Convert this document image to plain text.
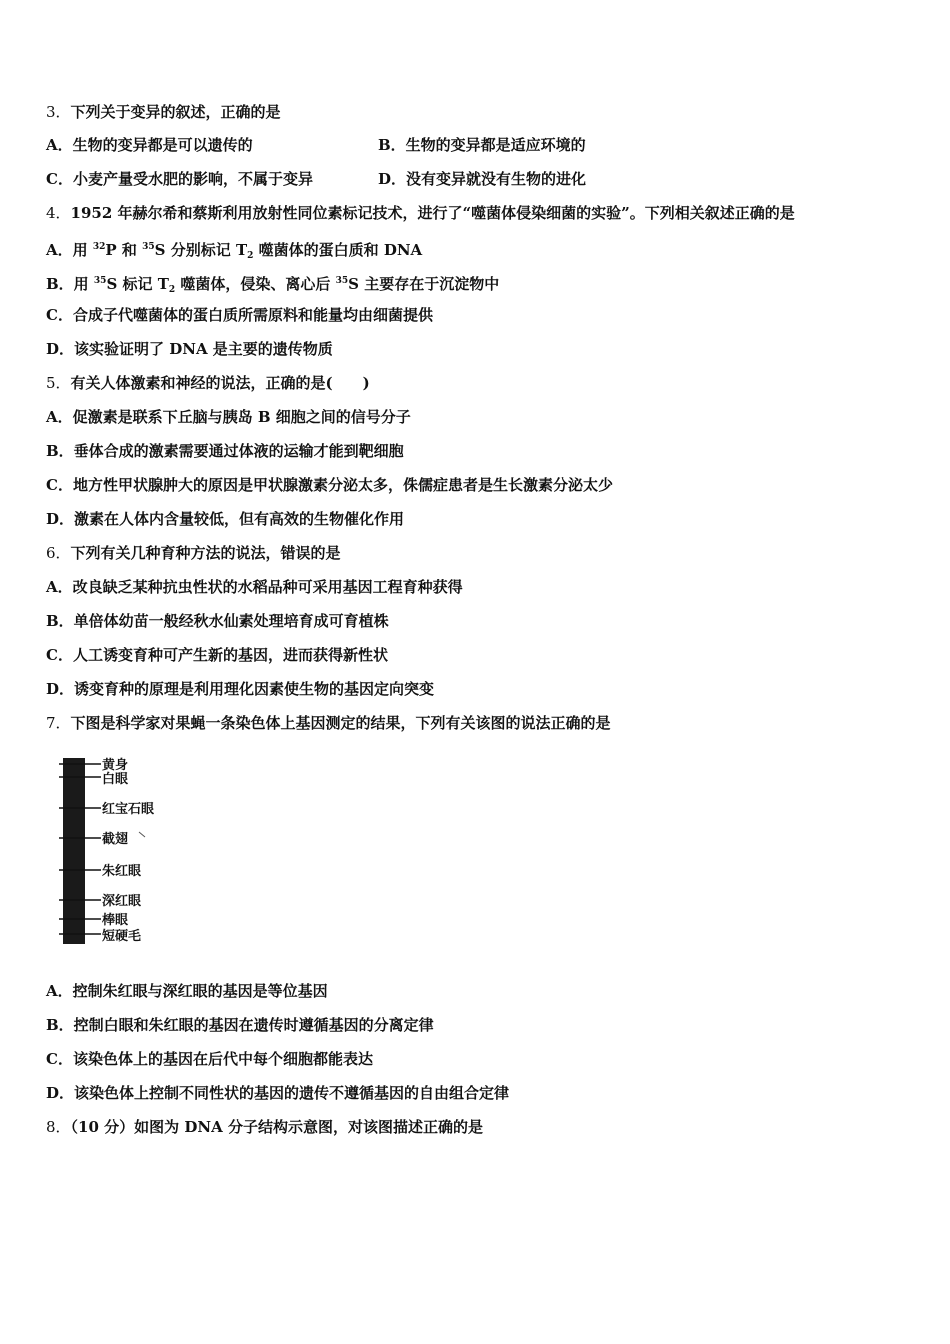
3．下列关于变异的叙述，正确的是
A．生物的变异都是可以遗传的	B．生物的变异都是适应环境的
C．小麦产量受水肥的影响，不属于变异	D．没有变异就没有生物的进化
4．1952 年赫尔希和蔡斯利用放射性同位素标记技术，进行了“噬菌体侵染细菌的实验”。下列相关叙述正确的是
A．用 $^{32}$P 和 $^{35}$S 分别标记 $T_2$ 噬菌体的蛋白质和 DNA
B．用 $^{35}$S 标记 $T_2$ 噬菌体，侵染、离心后 $^{35}$S 主要存在于沉淀物中
C．合成子代噬菌体的蛋白质所需原料和能量均由细菌提供
D．该实验证明了 DNA 是主要的遗传物质
5．有关人体激素和神经的说法，正确的是(　　)
A．促激素是联系下丘脑与胰岛 B 细胞之间的信号分子
B．垂体合成的激素需要通过体液的运输才能到靶细胞
C．地方性甲状腺肿大的原因是甲状腺激素分泌太多，侏儒症患者是生长激素分泌太少
D．激素在人体内含量较低，但有高效的生物催化作用
6．下列有关几种育种方法的说法，错误的是
A．改良缺乏某种抗虫性状的水稻品种可采用基因工程育种获得
B．单倍体幼苗一般经秋水仙素处理培育成可育植株
C．人工诱变育种可产生新的基因，进而获得新性状
D．诱变育种的原理是利用理化因素使生物的基因定向突变
7．下图是科学家对果蝇一条染色体上基因测定的结果，下列有关该图的说法正确的是
黄身
白眼
红宝石眼
截翅
朱红眼
深红眼
棒眼
短硬毛
A．控制朱红眼与深红眼的基因是等位基因
B．控制白眼和朱红眼的基因在遗传时遵循基因的分离定律
C．该染色体上的基因在后代中每个细胞都能表达
D．该染色体上控制不同性状的基因的遗传不遵循基因的自由组合定律
8．（10 分）如图为 DNA 分子结构示意图，对该图描述正确的是
